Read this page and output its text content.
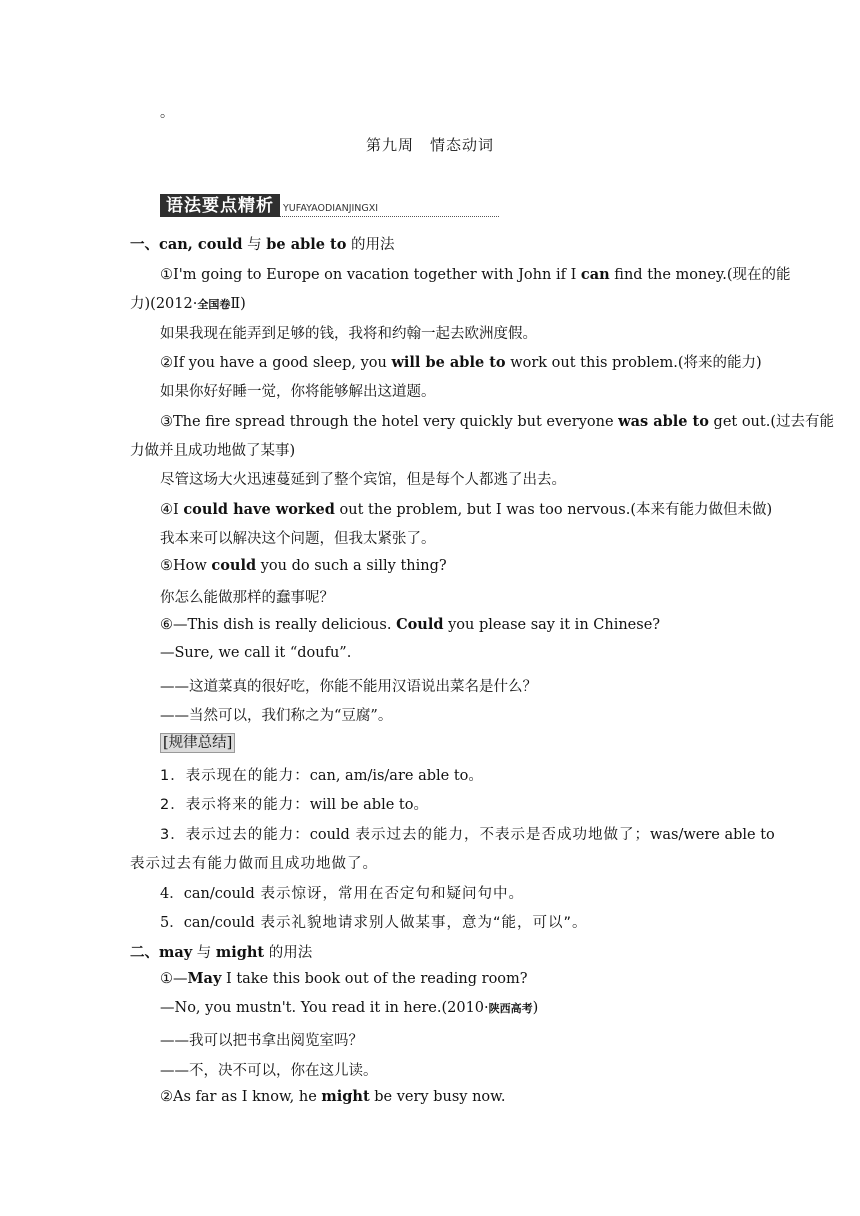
。
第九周　情态动词
语法要点精析 YUFAYAODIANJINGXI
一、can, could 与 be able to 的用法
①I'm going to Europe on vacation together with John if I can find the money.(现在的能
力)(2012·全国卷Ⅱ)
如果我现在能弄到足够的钱，我将和约翰一起去欧洲度假。
②If you have a good sleep, you will be able to work out this problem.(将来的能力)
如果你好好睡一觉，你将能够解出这道题。
③The fire spread through the hotel very quickly but everyone was able to get out.(过去有能
力做并且成功地做了某事)
尽管这场大火迅速蔓延到了整个宾馆，但是每个人都逃了出去。
④I could have worked out the problem, but I was too nervous.(本来有能力做但未做)
我本来可以解决这个问题，但我太紧张了。
⑤How could you do such a silly thing?
你怎么能做那样的蠢事呢？
⑥—This dish is really delicious. Could you please say it in Chinese?
—Sure, we call it “doufu”.
——这道菜真的很好吃，你能不能用汉语说出菜名是什么？
——当然可以，我们称之为“豆腐”。
[规律总结]
1．表示现在的能力：can, am/is/are able to。
2．表示将来的能力：will be able to。
3．表示过去的能力：could 表示过去的能力，不表示是否成功地做了；was/were able to
表示过去有能力做而且成功地做了。
4．can/could 表示惊讶，常用在否定句和疑问句中。
5．can/could 表示礼貌地请求别人做某事，意为“能，可以”。
二、may 与 might 的用法
①—May I take this book out of the reading room?
—No, you mustn't. You read it in here.(2010·陕西高考)
——我可以把书拿出阅览室吗？
——不，决不可以，你在这儿读。
②As far as I know, he might be very busy now.
